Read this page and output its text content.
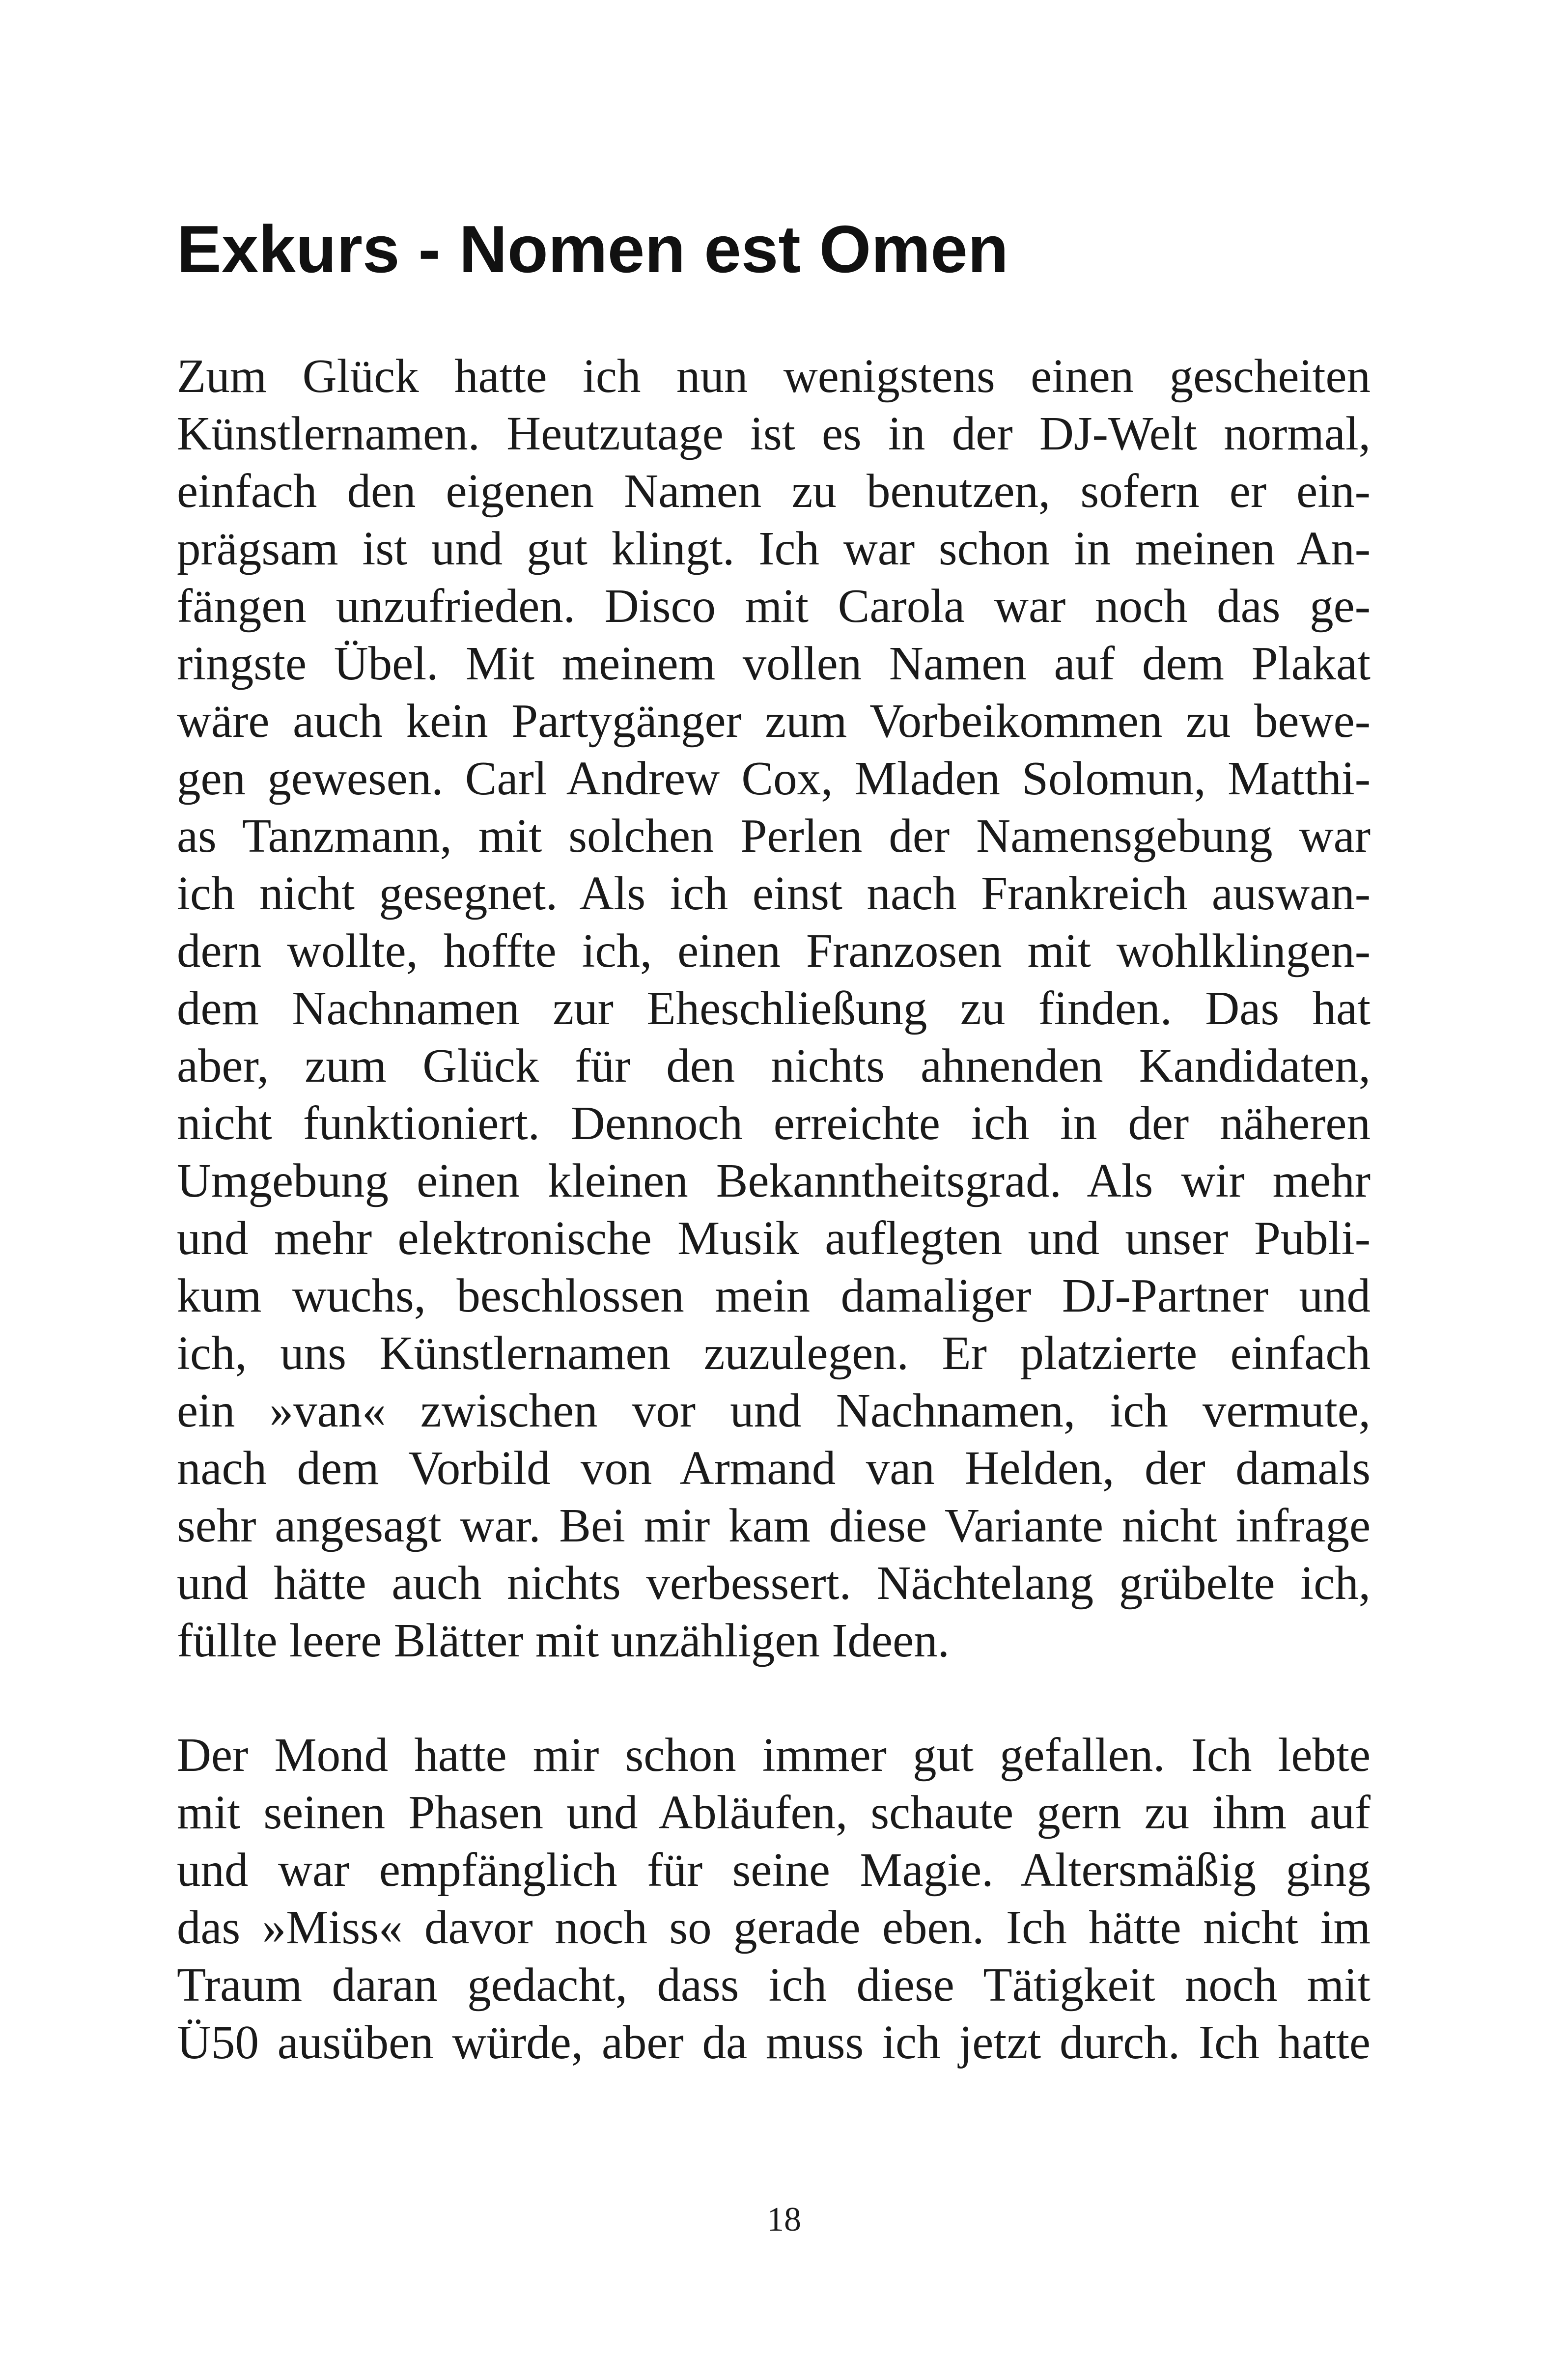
Exkurs - Nomen est Omen
Zum Glück hatte ich nun wenigstens einen gescheiten
Künstlernamen. Heutzutage ist es in der DJ-Welt normal,
einfach den eigenen Namen zu benutzen, sofern er ein-
prägsam ist und gut klingt. Ich war schon in meinen An-
fängen unzufrieden. Disco mit Carola war noch das ge-
ringste Übel. Mit meinem vollen Namen auf dem Plakat
wäre auch kein Partygänger zum Vorbeikommen zu bewe-
gen gewesen. Carl Andrew Cox, Mladen Solomun, Matthi-
as Tanzmann, mit solchen Perlen der Namensgebung war
ich nicht gesegnet. Als ich einst nach Frankreich auswan-
dern wollte, hoffte ich, einen Franzosen mit wohlklingen-
dem Nachnamen zur Eheschließung zu finden. Das hat
aber, zum Glück für den nichts ahnenden Kandidaten,
nicht funktioniert. Dennoch erreichte ich in der näheren
Umgebung einen kleinen Bekanntheitsgrad. Als wir mehr
und mehr elektronische Musik auflegten und unser Publi-
kum wuchs, beschlossen mein damaliger DJ-Partner und
ich, uns Künstlernamen zuzulegen. Er platzierte einfach
ein »van« zwischen vor und Nachnamen, ich vermute,
nach dem Vorbild von Armand van Helden, der damals
sehr angesagt war. Bei mir kam diese Variante nicht infrage
und hätte auch nichts verbessert. Nächtelang grübelte ich,
füllte leere Blätter mit unzähligen Ideen.
Der Mond hatte mir schon immer gut gefallen. Ich lebte
mit seinen Phasen und Abläufen, schaute gern zu ihm auf
und war empfänglich für seine Magie. Altersmäßig ging
das »Miss« davor noch so gerade eben. Ich hätte nicht im
Traum daran gedacht, dass ich diese Tätigkeit noch mit
Ü50 ausüben würde, aber da muss ich jetzt durch. Ich hatte
18
